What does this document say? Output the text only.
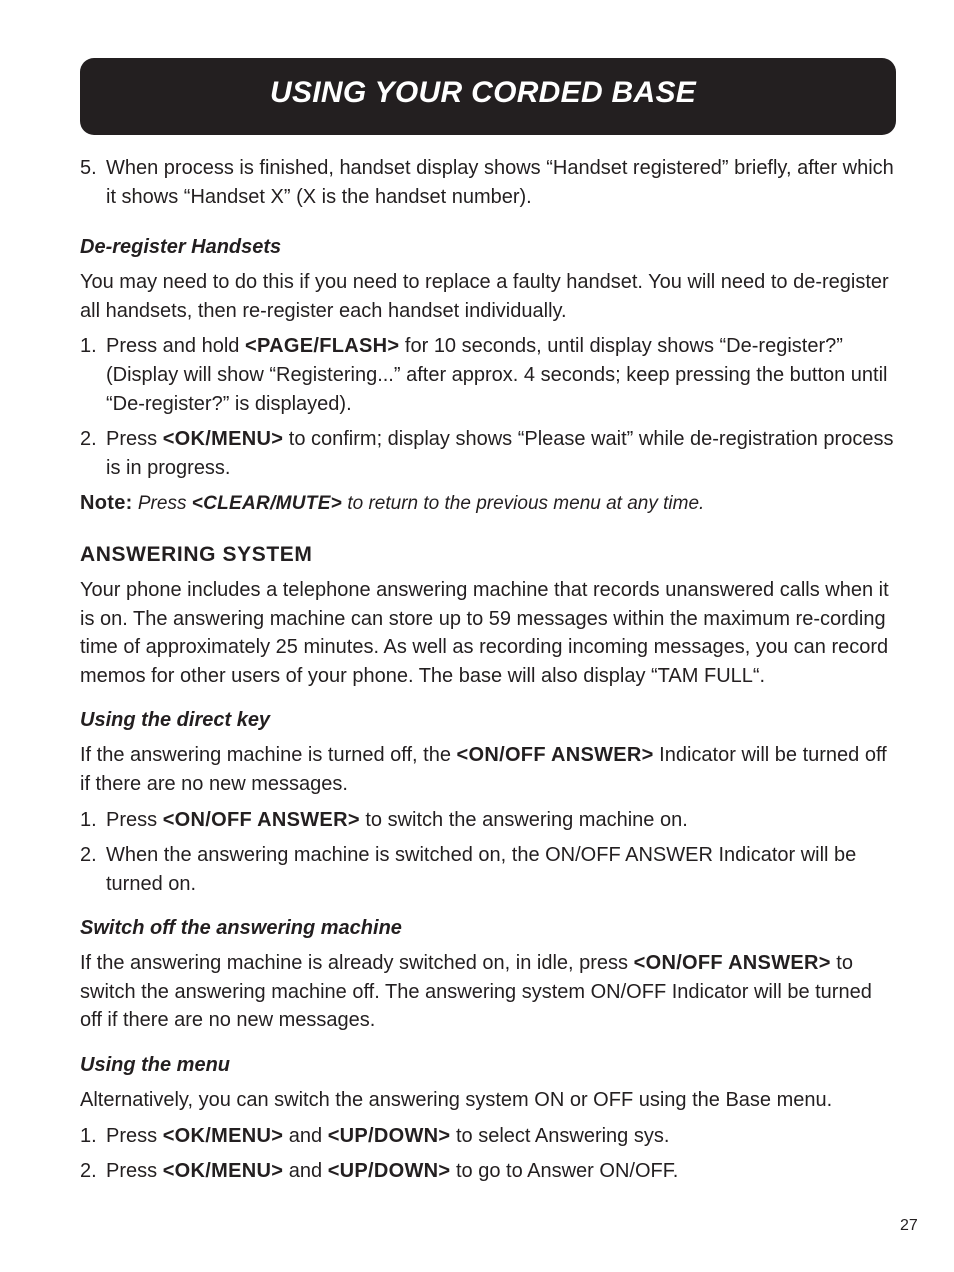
USING YOUR CORDED BASE
5. When process is finished, handset display shows “Handset registered” briefly, after which it shows “Handset X” (X is the handset number).
De-register Handsets

You may need to do this if you need to replace a faulty handset. You will need to de-register all handsets, then re-register each handset individually.

1. Press and hold <PAGE/FLASH> for 10 seconds, until display shows “De-register?” (Display will show “Registering...” after approx. 4 seconds; keep pressing the button until “De-register?” is displayed).
2. Press <OK/MENU> to confirm; display shows “Please wait” while de-registration process is in progress.
Note: Press <CLEAR/MUTE> to return to the previous menu at any time.
ANSWERING SYSTEM

Your phone includes a telephone answering machine that records unanswered calls when it is on. The answering machine can store up to 59 messages within the maximum re-cording time of approximately 25 minutes. As well as recording incoming messages, you can record memos for other users of your phone. The base will also display “TAM FULL“.

Using the direct key

If the answering machine is turned off, the <ON/OFF ANSWER> Indicator will be turned off if there are no new messages.

1. Press <ON/OFF ANSWER> to switch the answering machine on.
2. When the answering machine is switched on, the ON/OFF ANSWER Indicator will be turned on.
Switch off the answering machine

If the answering machine is already switched on, in idle, press <ON/OFF ANSWER> to switch the answering machine off. The answering system ON/OFF Indicator will be turned off if there are no new messages.

Using the menu

Alternatively, you can switch the answering system ON or OFF using the Base menu.

1. Press <OK/MENU> and <UP/DOWN> to select Answering sys.
2. Press <OK/MENU> and <UP/DOWN> to go to Answer ON/OFF.
27
